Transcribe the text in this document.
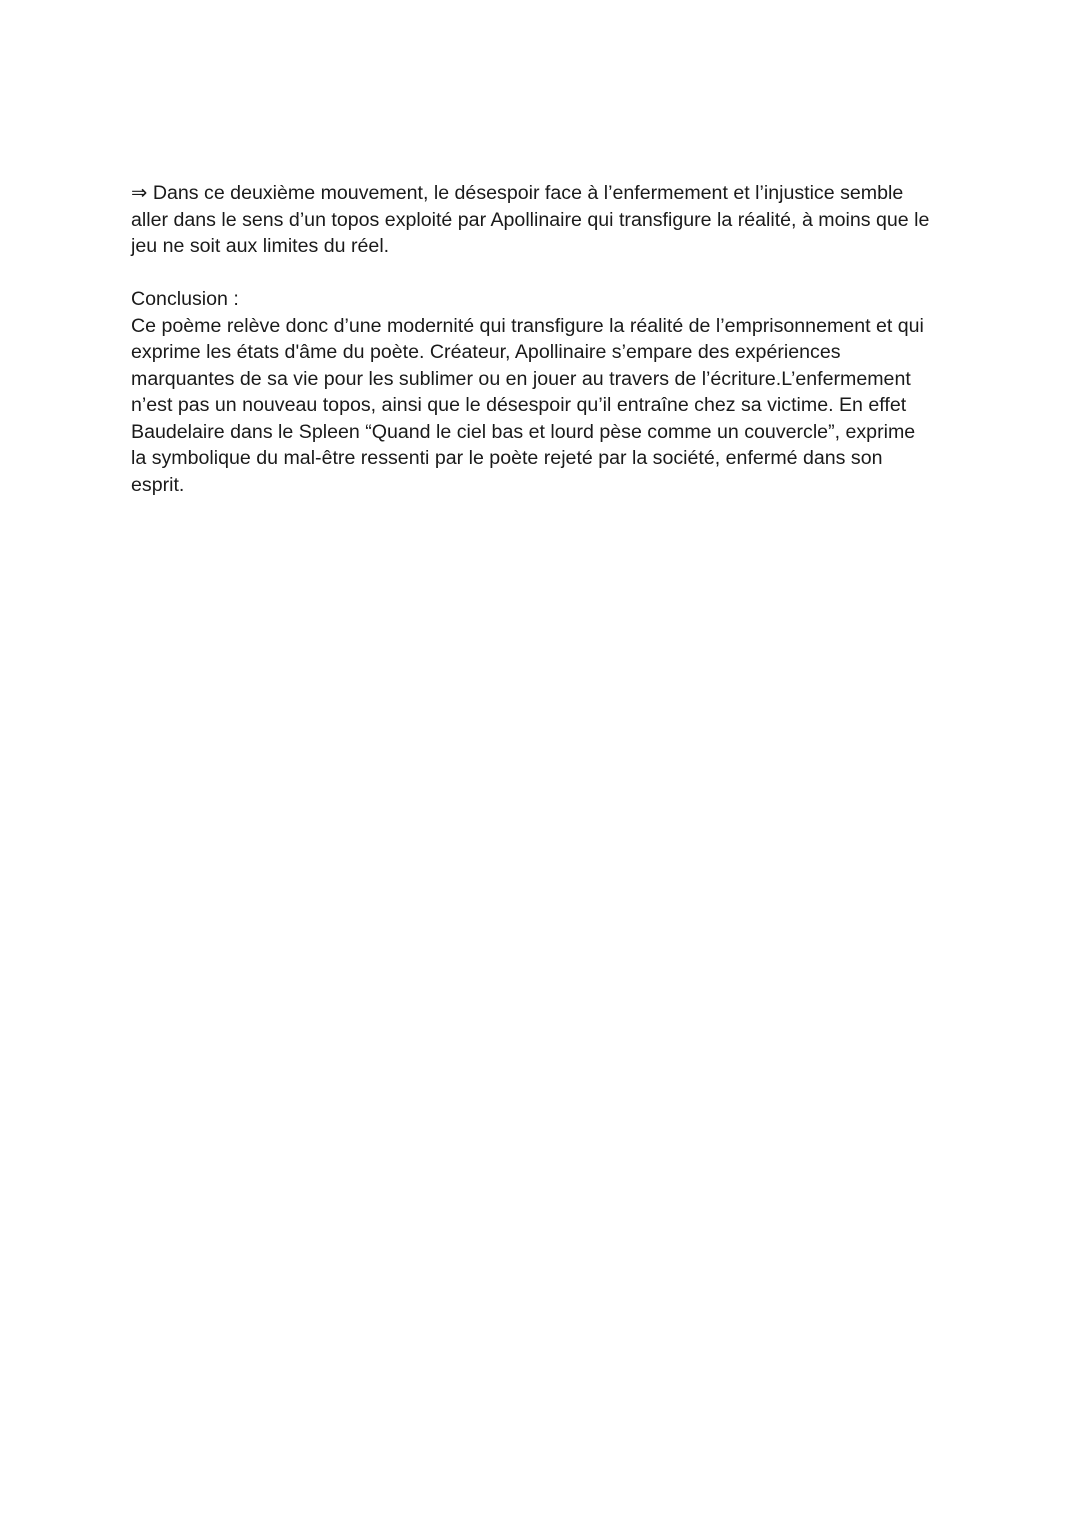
⇒ Dans ce deuxième mouvement, le désespoir face à l’enfermement et l’injustice semble
aller dans le sens d’un topos exploité par Apollinaire qui transfigure la réalité, à moins que le
jeu ne soit aux limites du réel.
Conclusion :
Ce poème relève donc d’une modernité qui transfigure la réalité de l’emprisonnement et qui
exprime les états d'âme du poète. Créateur, Apollinaire s’empare des expériences
marquantes de sa vie pour les sublimer ou en jouer au travers de l’écriture.L’enfermement
n’est pas un nouveau topos, ainsi que le désespoir qu’il entraîne chez sa victime. En effet
Baudelaire dans le Spleen “Quand le ciel bas et lourd pèse comme un couvercle”, exprime
la symbolique du mal-être ressenti par le poète rejeté par la société, enfermé dans son
esprit.
